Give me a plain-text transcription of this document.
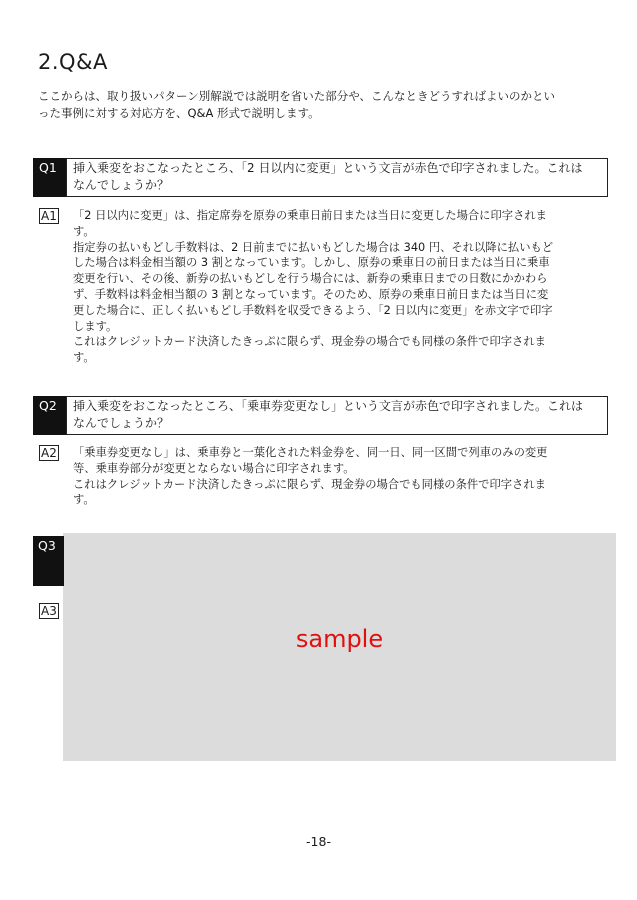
2.Q&A

ここからは、取り扱いパターン別解説では説明を省いた部分や、こんなときどうすればよいのかとい

った事例に対する対応方を、Q&A 形式で説明します。

Q1	挿入乗変をおこなったところ、「2 日以内に変更」という文言が赤色で印字されました。これは

なんでしょうか？

A1 「2 日以内に変更」は、指定席券を原券の乗車日前日または当日に変更した場合に印字されま

す。

指定券の払いもどし手数料は、2 日前までに払いもどした場合は 340 円、それ以降に払いもど

した場合は料金相当額の 3 割となっています。しかし、原券の乗車日の前日または当日に乗車

変更を行い、その後、新券の払いもどしを行う場合には、新券の乗車日までの日数にかかわら

ず、手数料は料金相当額の 3 割となっています。そのため、原券の乗車日前日または当日に変

更した場合に、正しく払いもどし手数料を収受できるよう、「2 日以内に変更」を赤文字で印字

します。

これはクレジットカード決済したきっぷに限らず、現金券の場合でも同様の条件で印字されま

す。

Q2	挿入乗変をおこなったところ、「乗車券変更なし」という文言が赤色で印字されました。これは

なんでしょうか？

A2 「乗車券変更なし」は、乗車券と一葉化された料金券を、同一日、同一区間で列車のみの変更

等、乗車券部分が変更とならない場合に印字されます。

これはクレジットカード決済したきっぷに限らず、現金券の場合でも同様の条件で印字されま

す。

sample
Q3
A3
-18-
